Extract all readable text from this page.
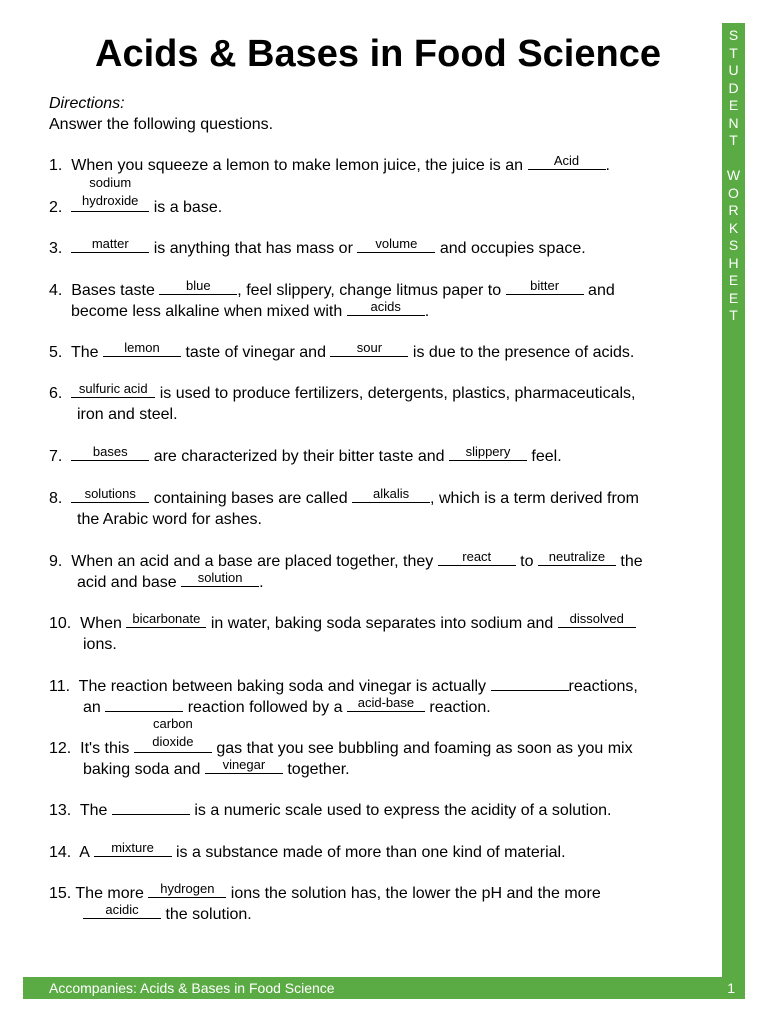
Acids & Bases in Food Science	S
T
U
D
E
N
T

W
O
R
K
S
H
E
E
T
Directions:
Answer the following questions.
1. When you squeeze a lemon to make lemon juice, the juice is an	Acid	.
2.
sodium
hydroxide is a base.
3.	matter	is anything that has mass or	volume	and occupies space.
4. Bases taste	blue	, feel slippery, change litmus paper to	bitter	and
become less alkaline when mixed with	acids	.
5. The	lemon	taste of vinegar and	sour	is due to the presence of acids.
6.	sulfuric acid is used to produce fertilizers, detergents, plastics, pharmaceuticals,
iron and steel.
7.	bases	are characterized by their bitter taste and	slippery	feel.
8.	solutions	containing bases are called	alkalis	, which is a term derived from
the Arabic word for ashes.
9. When an acid and a base are placed together, they	react	to	neutralize the
acid and base	solution	.
10. When bicarbonate in water, baking soda separates into sodium and	dissolved

ions.
11. The reaction between baking soda and vinegar is actually	reactions,
an	reaction followed by a	acid-base reaction.
12. It's this
carbon
dioxide	gas that you see bubbling and foaming as soon as you mix
baking soda and	vinegar	together.
13. The	is a numeric scale used to express the acidity of a solution.
14. A	mixture	is a substance made of more than one kind of material.
15. The more	hydrogen	ions the solution has, the lower the pH and the more

acidic	the solution.
Accompanies: Acids & Bases in Food Science	1
